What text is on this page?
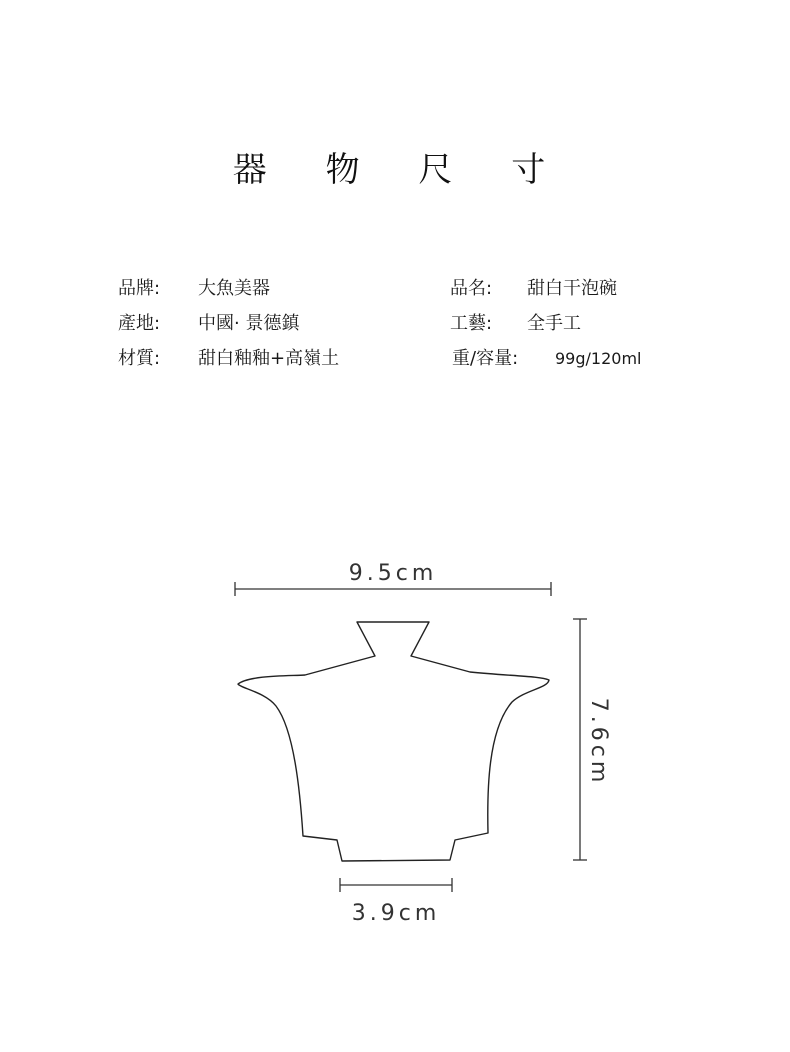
器 物 尺 寸
品牌: 大魚美器
產地: 中國· 景德鎮
材質: 甜白釉釉+高嶺土
品名: 甜白干泡碗
工藝: 全手工
重/容量: 99g/120ml
9.5cm
7.6cm
3.9cm
